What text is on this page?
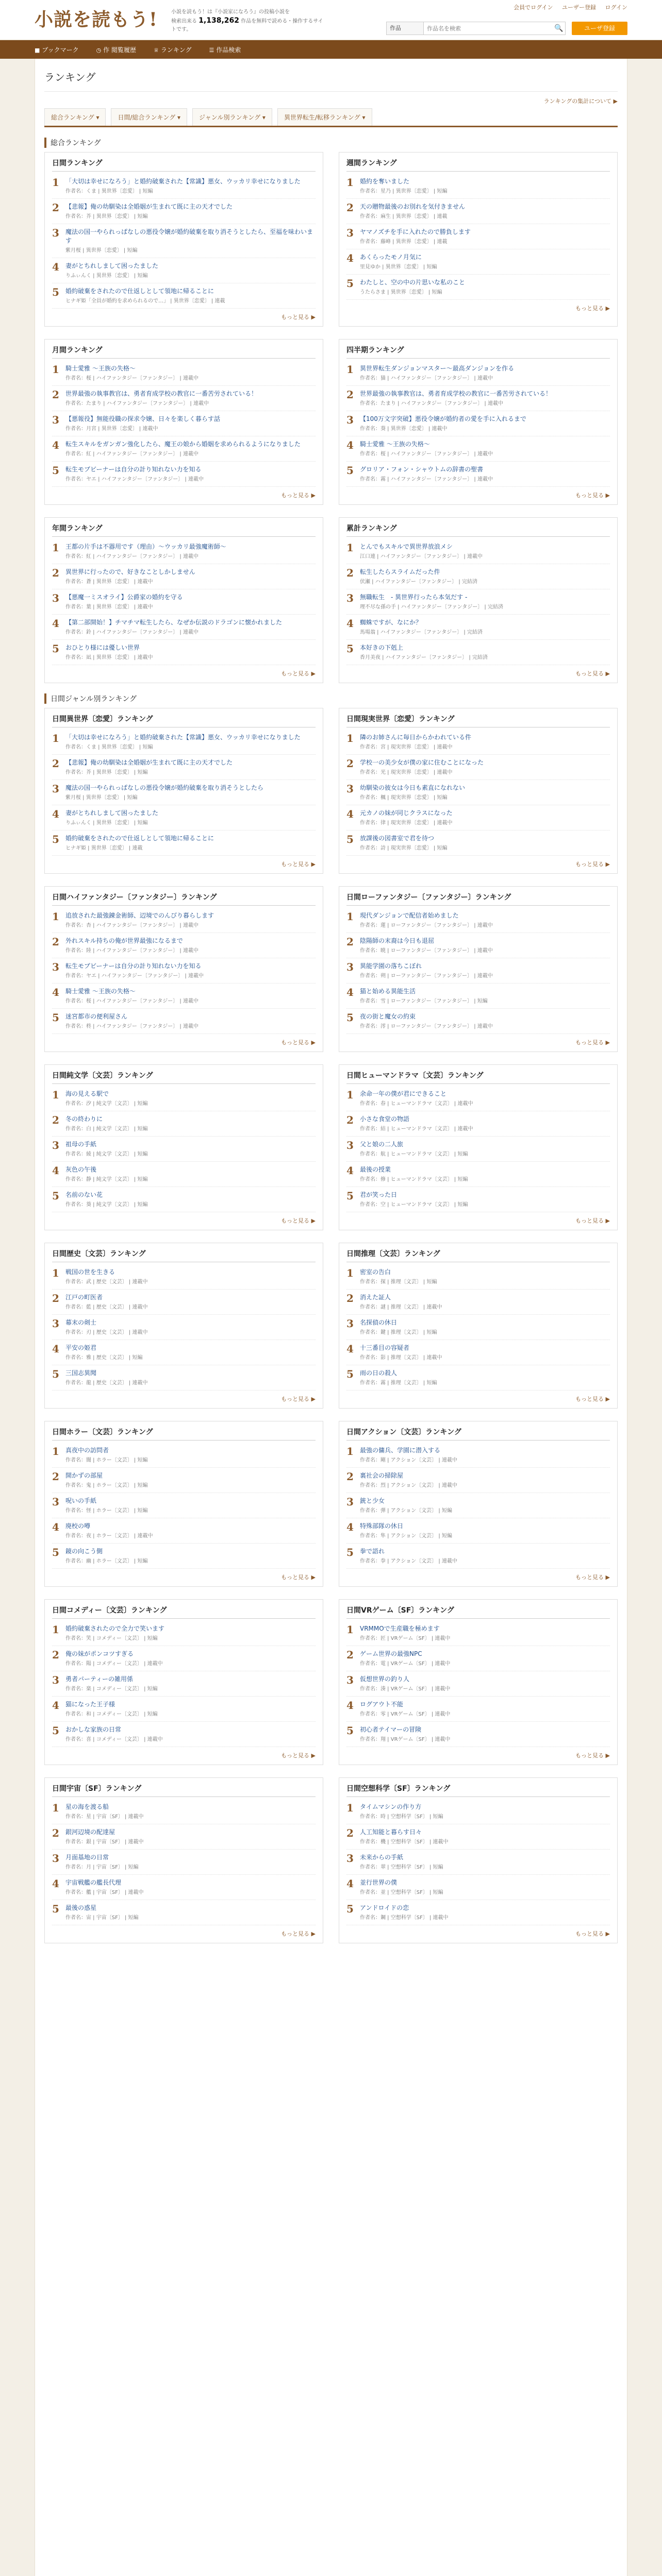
小説を読もう!	小説を読もう！は『小説家になろう』の投稿小説を
検索出来る 1,138,262 作品を無料で読める・操作するサイトです。
会員でログイン ユーザー登録 ログイン
作品
作品名を検索	🔍	ユーザ登録
■ ブックマーク	◷ 作 閲覧履歴	♕ ランキング	☰ 作品検索
ランキング
ランキングの集計について ▶
総合ランキング ▾	日間/総合ランキング ▾	ジャンル別ランキング ▾	異世界転生/転移ランキング ▾
総合ランキング
日間ランキング
1	「大切は幸せになろう」と婚約破棄された【常識】悪女、ウッカリ幸せになりました
作者名：くま | 異世界〔恋愛〕 | 短編
2	【悲報】俺の幼馴染は全婚姻が生まれて既に主の天才でした
作者名：芥 | 異世界〔恋愛〕 | 短編
3	魔法の国一やられっぱなしの悪役令嬢が婚約破棄を取り消そうとしたら、至福を味わいます
紫月桜 | 異世界〔恋愛〕 | 短編
4	妻がとちれしまして困ったました
りふぃんく | 異世界〔恋愛〕 | 短編
5	婚約破棄をされたので仕返しとして領地に帰ることに
ヒナギ姫「全員が婚約を求められるので…」 | 異世界〔恋愛〕 | 連載
もっと見る ▶
週間ランキング
1	婚約を奪いました
作者名：星乃 | 異世界〔恋愛〕 | 短編
2	天の贈物最後のお別れを気付きません
作者名：麻生 | 異世界〔恋愛〕 | 連載
3	ヤマノズチを手に入れたので勝負します
作者名：藤峰 | 異世界〔恋愛〕 | 連載
4	あくらったモノ月気に
里見ゆか | 異世界〔恋愛〕 | 短編
5	わたしと、空の中の片思いな私のこと
うたらさま | 異世界〔恋愛〕 | 短編
もっと見る ▶
月間ランキング
1	騎士愛雅 〜王族の失格〜
作者名：桜 | ハイファンタジー〔ファンタジー〕 | 連載中
2	世界最強の執事教官は、勇者育成学校の教官に一番苦労されている！
作者名：たまり | ハイファンタジー〔ファンタジー〕 | 連載中
3	【悪報役】無能役職の探求令嬢、日々を楽しく暮らす話
作者名：月宮 | 異世界〔恋愛〕 | 連載中
4	転生スキルをガンガン強化したら、魔王の娘から婚姻を求められるようになりました
作者名：紅 | ハイファンタジー〔ファンタジー〕 | 連載中
5	転生モブビーナーは自分の計り知れない力を知る
作者名：ヤエ | ハイファンタジー〔ファンタジー〕 | 連載中
もっと見る ▶
四半期ランキング
1	異世界転生ダンジョンマスター〜最高ダンジョンを作る
作者名：猫 | ハイファンタジー〔ファンタジー〕 | 連載中
2	世界最強の執事教官は、勇者育成学校の教官に一番苦労されている！
作者名：たまり | ハイファンタジー〔ファンタジー〕 | 連載中
3	【100万文字突破】悪役令嬢が婚約者の愛を手に入れるまで
作者名：葵 | 異世界〔恋愛〕 | 連載中
4	騎士愛雅 〜王族の失格〜
作者名：桜 | ハイファンタジー〔ファンタジー〕 | 連載中
5	グロリア・フォン・シャウトムの辞書の聖書
作者名：霧 | ハイファンタジー〔ファンタジー〕 | 連載中
もっと見る ▶
年間ランキング
1	王都の片手は不器用です（理由）〜ウッカリ最強魔術師〜
作者名：紅 | ハイファンタジー〔ファンタジー〕 | 連載中
2	異世界に行ったので、好きなことしかしません
作者名：蒼 | 異世界〔恋愛〕 | 連載中
3	【悪魔一ミスオライ】公爵家の婚約を守る
作者名：葉 | 異世界〔恋愛〕 | 連載中
4	【第二部開始！】チマチマ転生したら、なぜか伝説のドラゴンに懐かれました
作者名：鈴 | ハイファンタジー〔ファンタジー〕 | 連載中
5	おひとり様には優しい世界
作者名：凪 | 異世界〔恋愛〕 | 連載中
もっと見る ▶
累計ランキング
1	とんでもスキルで異世界放浪メシ
江口連 | ハイファンタジー〔ファンタジー〕 | 連載中
2	転生したらスライムだった件
伏瀬 | ハイファンタジー〔ファンタジー〕 | 完結済
3	無職転生　- 異世界行ったら本気だす -
理不尽な孫の手 | ハイファンタジー〔ファンタジー〕 | 完結済
4	蜘蛛ですが、なにか？
馬場翁 | ハイファンタジー〔ファンタジー〕 | 完結済
5	本好きの下剋上
香月美夜 | ハイファンタジー〔ファンタジー〕 | 完結済
もっと見る ▶
日間ジャンル別ランキング
日間異世界〔恋愛〕ランキング
1	「大切は幸せになろう」と婚約破棄された【常識】悪女、ウッカリ幸せになりました
作者名：くま | 異世界〔恋愛〕 | 短編
2	【悲報】俺の幼馴染は全婚姻が生まれて既に主の天才でした
作者名：芥 | 異世界〔恋愛〕 | 短編
3	魔法の国一やられっぱなしの悪役令嬢が婚約破棄を取り消そうとしたら
紫月桜 | 異世界〔恋愛〕 | 短編
4	妻がとちれしまして困ったました
りふぃんく | 異世界〔恋愛〕 | 短編
5	婚約破棄をされたので仕返しとして領地に帰ることに
ヒナギ姫 | 異世界〔恋愛〕 | 連載
もっと見る ▶
日間現実世界〔恋愛〕ランキング
1	隣のお姉さんに毎日からかわれている件
作者名：宮 | 現実世界〔恋愛〕 | 連載中
2	学校一の美少女が僕の家に住むことになった
作者名：光 | 現実世界〔恋愛〕 | 連載中
3	幼馴染の彼女は今日も素直になれない
作者名：楓 | 現実世界〔恋愛〕 | 短編
4	元カノの妹が同じクラスになった
作者名：律 | 現実世界〔恋愛〕 | 連載中
5	放課後の図書室で君を待つ
作者名：詩 | 現実世界〔恋愛〕 | 短編
もっと見る ▶
日間ハイファンタジー〔ファンタジー〕ランキング
1	追放された最強錬金術師、辺境でのんびり暮らします
作者名：杏 | ハイファンタジー〔ファンタジー〕 | 連載中
2	外れスキル持ちの俺が世界最強になるまで
作者名：陸 | ハイファンタジー〔ファンタジー〕 | 連載中
3	転生モブビーナーは自分の計り知れない力を知る
作者名：ヤエ | ハイファンタジー〔ファンタジー〕 | 連載中
4	騎士愛雅 〜王族の失格〜
作者名：桜 | ハイファンタジー〔ファンタジー〕 | 連載中
5	迷宮都市の便利屋さん
作者名：柊 | ハイファンタジー〔ファンタジー〕 | 連載中
もっと見る ▶
日間ローファンタジー〔ファンタジー〕ランキング
1	現代ダンジョンで配信者始めました
作者名：蓮 | ローファンタジー〔ファンタジー〕 | 連載中
2	陰陽師の末裔は今日も退屈
作者名：暁 | ローファンタジー〔ファンタジー〕 | 連載中
3	異能学園の落ちこぼれ
作者名：朔 | ローファンタジー〔ファンタジー〕 | 連載中
4	猫と始める異能生活
作者名：雪 | ローファンタジー〔ファンタジー〕 | 短編
5	夜の街と魔女の約束
作者名：澪 | ローファンタジー〔ファンタジー〕 | 連載中
もっと見る ▶
日間純文学〔文芸〕ランキング
1	海の見える駅で
作者名：汐 | 純文学〔文芸〕 | 短編
2	冬の終わりに
作者名：白 | 純文学〔文芸〕 | 短編
3	祖母の手紙
作者名：綾 | 純文学〔文芸〕 | 短編
4	灰色の午後
作者名：静 | 純文学〔文芸〕 | 短編
5	名前のない花
作者名：葵 | 純文学〔文芸〕 | 短編
もっと見る ▶
日間ヒューマンドラマ〔文芸〕ランキング
1	余命一年の僕が君にできること
作者名：春 | ヒューマンドラマ〔文芸〕 | 連載中
2	小さな食堂の物語
作者名：結 | ヒューマンドラマ〔文芸〕 | 連載中
3	父と娘の二人旅
作者名：航 | ヒューマンドラマ〔文芸〕 | 短編
4	最後の授業
作者名：修 | ヒューマンドラマ〔文芸〕 | 短編
5	君が笑った日
作者名：空 | ヒューマンドラマ〔文芸〕 | 短編
もっと見る ▶
日間歴史〔文芸〕ランキング
1	戦国の世を生きる
作者名：武 | 歴史〔文芸〕 | 連載中
2	江戸の町医者
作者名：藍 | 歴史〔文芸〕 | 連載中
3	幕末の剣士
作者名：刃 | 歴史〔文芸〕 | 連載中
4	平安の姫君
作者名：雅 | 歴史〔文芸〕 | 短編
5	三国志異聞
作者名：龍 | 歴史〔文芸〕 | 連載中
もっと見る ▶
日間推理〔文芸〕ランキング
1	密室の告白
作者名：探 | 推理〔文芸〕 | 短編
2	消えた証人
作者名：謎 | 推理〔文芸〕 | 連載中
3	名探偵の休日
作者名：鍵 | 推理〔文芸〕 | 短編
4	十三番目の容疑者
作者名：影 | 推理〔文芸〕 | 連載中
5	雨の日の殺人
作者名：霧 | 推理〔文芸〕 | 短編
もっと見る ▶
日間ホラー〔文芸〕ランキング
1	真夜中の訪問者
作者名：闇 | ホラー〔文芸〕 | 短編
2	開かずの部屋
作者名：鬼 | ホラー〔文芸〕 | 短編
3	呪いの手紙
作者名：怪 | ホラー〔文芸〕 | 短編
4	廃校の噂
作者名：夜 | ホラー〔文芸〕 | 連載中
5	鏡の向こう側
作者名：幽 | ホラー〔文芸〕 | 短編
もっと見る ▶
日間アクション〔文芸〕ランキング
1	最強の傭兵、学園に潜入する
作者名：剛 | アクション〔文芸〕 | 連載中
2	裏社会の掃除屋
作者名：烈 | アクション〔文芸〕 | 連載中
3	銃と少女
作者名：弾 | アクション〔文芸〕 | 短編
4	特殊部隊の休日
作者名：隼 | アクション〔文芸〕 | 短編
5	拳で語れ
作者名：拳 | アクション〔文芸〕 | 連載中
もっと見る ▶
日間コメディー〔文芸〕ランキング
1	婚約破棄されたので全力で笑います
作者名：笑 | コメディー〔文芸〕 | 短編
2	俺の妹がポンコツすぎる
作者名：陽 | コメディー〔文芸〕 | 連載中
3	勇者パーティーの雑用係
作者名：楽 | コメディー〔文芸〕 | 短編
4	猫になった王子様
作者名：和 | コメディー〔文芸〕 | 短編
5	おかしな家族の日常
作者名：喜 | コメディー〔文芸〕 | 連載中
もっと見る ▶
日間VRゲーム〔SF〕ランキング
1	VRMMOで生産職を極めます
作者名：匠 | VRゲーム〔SF〕 | 連載中
2	ゲーム世界の最強NPC
作者名：電 | VRゲーム〔SF〕 | 連載中
3	仮想世界の釣り人
作者名：湊 | VRゲーム〔SF〕 | 連載中
4	ログアウト不能
作者名：零 | VRゲーム〔SF〕 | 連載中
5	初心者テイマーの冒険
作者名：翔 | VRゲーム〔SF〕 | 連載中
もっと見る ▶
日間宇宙〔SF〕ランキング
1	星の海を渡る船
作者名：星 | 宇宙〔SF〕 | 連載中
2	銀河辺境の配達屋
作者名：銀 | 宇宙〔SF〕 | 連載中
3	月面基地の日常
作者名：月 | 宇宙〔SF〕 | 短編
4	宇宙戦艦の艦長代理
作者名：艦 | 宇宙〔SF〕 | 連載中
5	最後の惑星
作者名：宙 | 宇宙〔SF〕 | 短編
もっと見る ▶
日間空想科学〔SF〕ランキング
1	タイムマシンの作り方
作者名：時 | 空想科学〔SF〕 | 短編
2	人工知能と暮らす日々
作者名：機 | 空想科学〔SF〕 | 連載中
3	未来からの手紙
作者名：翠 | 空想科学〔SF〕 | 短編
4	並行世界の僕
作者名：並 | 空想科学〔SF〕 | 短編
5	アンドロイドの恋
作者名：鋼 | 空想科学〔SF〕 | 連載中
もっと見る ▶
